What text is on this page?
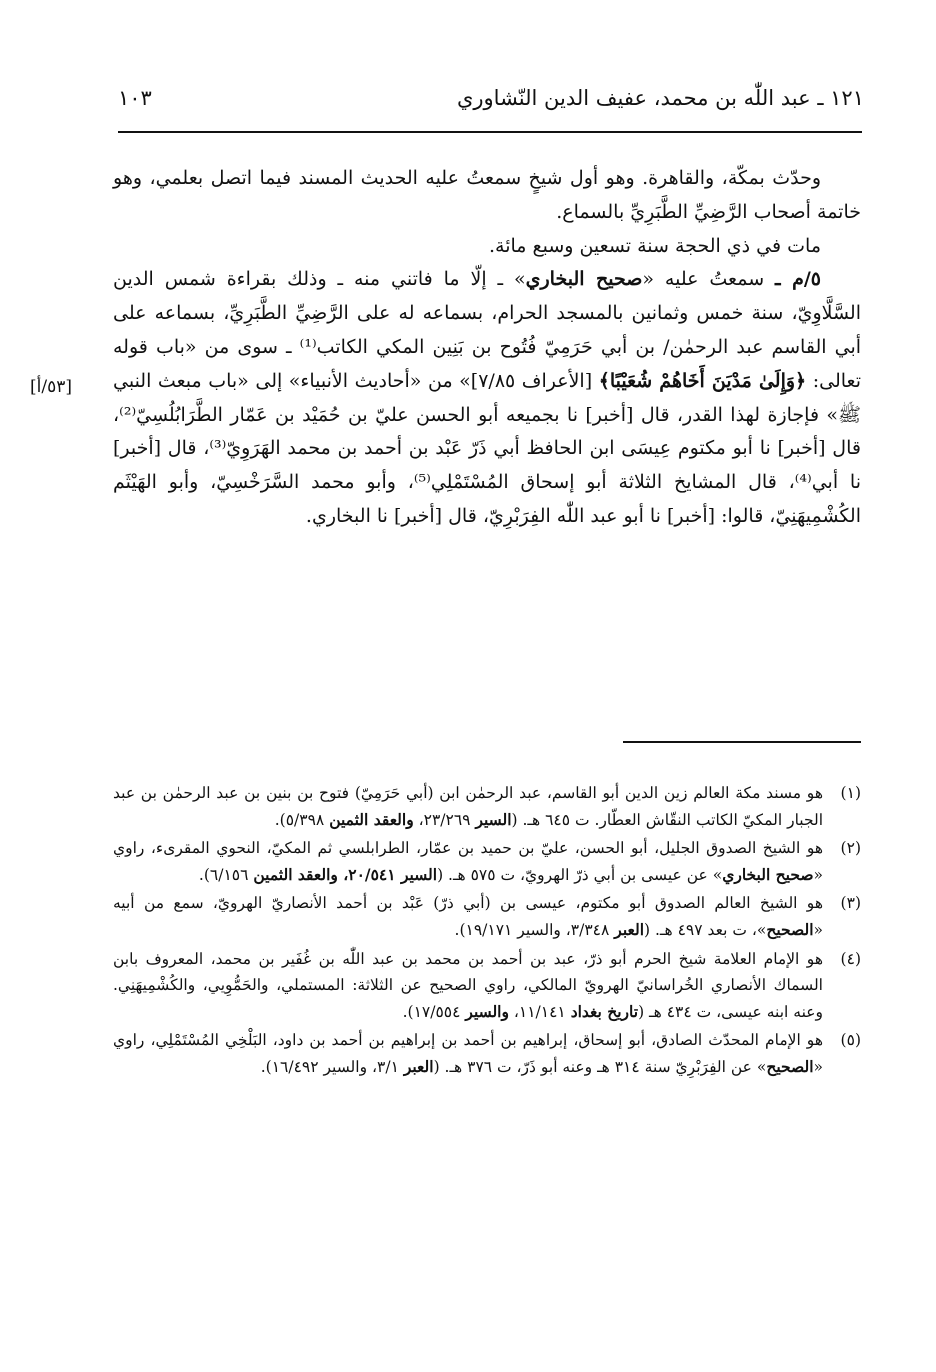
١٢١ ـ عبد اللّٰه بن محمد، عفيف الدين النّشاوري
١٠٣
[٥٣/أ]

وحدّث بمكّة، والقاهرة. وهو أول شيخٍ سمعتُ عليه الحديث المسند فيما اتصل بعلمي، وهو خاتمة أصحاب الرَّضِيِّ الطَّبَرِيِّ بالسماع.

مات في ذي الحجة سنة تسعين وسبع مائة.

٥/م ـ سمعتُ عليه «صحيح البخاري» ـ إلّا ما فاتني منه ـ وذلك بقراءة شمس الدين السَّلَّاوِيّ، سنة خمس وثمانين بالمسجد الحرام، بسماعه له على الرَّضِيِّ الطَّبَرِيِّ، بسماعه على أبي القاسم عبد الرحمٰن/ بن أبي حَرَمِيّ فُتُوح بن بَنِين المكي الكاتب⁽¹⁾ ـ سوى من «باب قوله تعالى: ﴿وَإِلَىٰ مَدْيَنَ أَخَاهُمْ شُعَيْبًا﴾ [الأعراف ٧/٨٥]» من «أحاديث الأنبياء» إلى «باب مبعث النبي ﷺ» فإجازة لهذا القدر، قال [أخبر] نا بجميعه أبو الحسن عليّ بن حُمَيْد بن عَمّار الطَّرَابُلُسِيّ⁽²⁾، قال [أخبر] نا أبو مكتوم عِيسَى ابن الحافظ أبي ذَرّ عَبْد بن أحمد بن محمد الهَرَوِيّ⁽³⁾، قال [أخبر] نا أبي⁽⁴⁾، قال المشايخ الثلاثة أبو إسحاق المُسْتَمْلِي⁽⁵⁾، وأبو محمد السَّرَخْسِيّ، وأبو الهَيْثَم الكُشْمِيهَنِيّ، قالوا: [أخبر] نا أبو عبد اللّٰه الفِرَبْرِيّ، قال [أخبر] نا البخاري.

(١)
هو مسند مكة العالم زين الدين أبو القاسم، عبد الرحمٰن ابن (أبي حَرَمِيّ) فتوح بن بنين بن عبد الرحمٰن بن عبد الجبار المكيّ الكاتب النقّاش العطّار. ت ٦٤٥ هـ. (السير ٢٣/٢٦٩، والعقد الثمين ٥/٣٩٨).
(٢)
هو الشيخ الصدوق الجليل، أبو الحسن، عليّ بن حميد بن عمّار، الطرابلسي ثم المكيّ، النحوي المقرىء، راوي «صحيح البخاري» عن عيسى بن أبي ذرّ الهرويّ، ت ٥٧٥ هـ. (السير ٢٠/٥٤١، والعقد الثمين ٦/١٥٦).
(٣)
هو الشيخ العالم الصدوق أبو مكتوم، عيسى بن (أبي ذرّ) عَبْد بن أحمد الأنصاريّ الهرويّ، سمع من أبيه «الصحيح»، ت بعد ٤٩٧ هـ. (العبر ٣/٣٤٨، والسير ١٩/١٧١).
(٤)
هو الإمام العلامة شيخ الحرم أبو ذرّ، عبد بن أحمد بن محمد بن عبد اللّٰه بن غُفَير بن محمد، المعروف بابن السماك الأنصاري الخُراسانيّ الهرويّ المالكي، راوي الصحيح عن الثلاثة: المستملي، والحَمُّوِيي، والكُشْمِيهَنِي. وعنه ابنه عيسى، ت ٤٣٤ هـ (تاريخ بغداد ١١/١٤١، والسير ١٧/٥٥٤).
(٥)
هو الإمام المحدّث الصادق، أبو إسحاق، إبراهيم بن أحمد بن إبراهيم بن أحمد بن داود، البَلْخِي المُسْتَمْلِي، راوي «الصحيح» عن الفِرَبْرِيّ سنة ٣١٤ هـ وعنه أبو ذَرّ، ت ٣٧٦ هـ. (العبر ٣/١، والسير ١٦/٤٩٢).
